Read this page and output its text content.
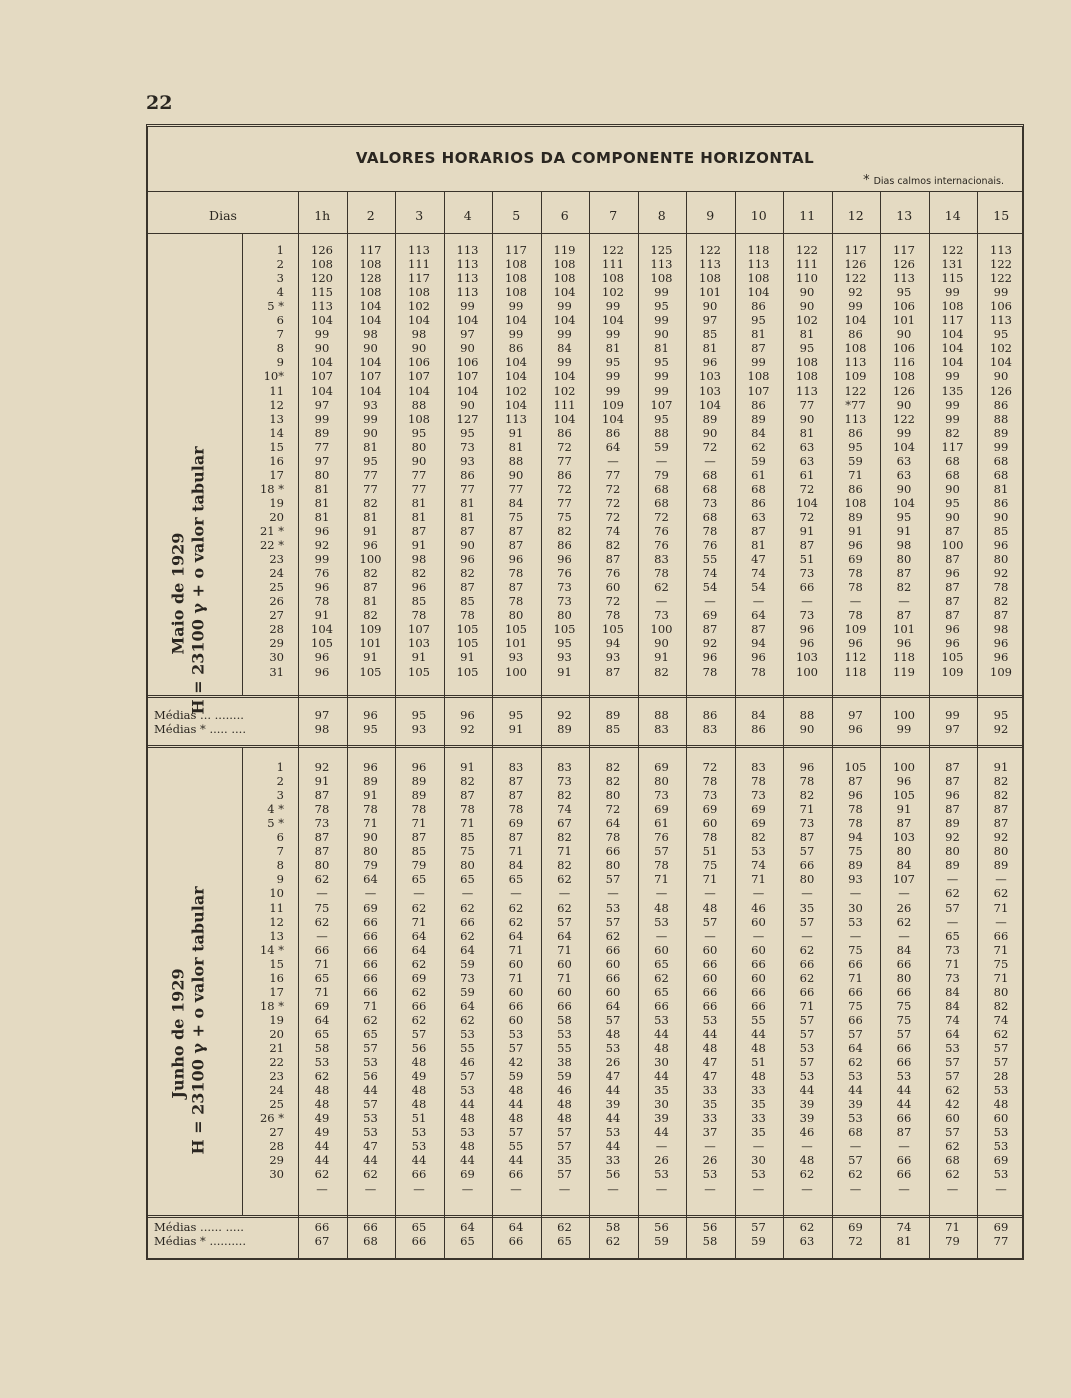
22
VALORES HORARIOS DA COMPONENTE HORIZONTAL
* Dias calmos internacionais.
Dias	1h	2	3	4	5	6	7	8	9	10	11	12	13	14	15
Maio de 1929 H = 23100 γ + o valor tabular
1	126	117	113	113	117	119	122	125	122	118	122	117	117	122	113
2	108	108	111	113	108	108	111	113	113	113	111	126	126	131	122
3	120	128	117	113	108	108	108	108	108	108	110	122	113	115	122
4	115	108	108	113	108	104	102	99	101	104	90	92	95	99	99
5 *	113	104	102	99	99	99	99	95	90	86	90	99	106	108	106
6	104	104	104	104	104	104	104	99	97	95	102	104	101	117	113
7	99	98	98	97	99	99	99	90	85	81	81	86	90	104	95
8	90	90	90	90	86	84	81	81	81	87	95	108	106	104	102
9	104	104	106	106	104	99	95	95	96	99	108	113	116	104	104
10*	107	107	107	107	104	104	99	99	103	108	108	109	108	99	90
11	104	104	104	104	102	102	99	99	103	107	113	122	126	135	126
12	97	93	88	90	104	111	109	107	104	86	77	*77	90	99	86
13	99	99	108	127	113	104	104	95	89	89	90	113	122	99	88
14	89	90	95	95	91	86	86	88	90	84	81	86	99	82	89
15	77	81	80	73	81	72	64	59	72	62	63	95	104	117	99
16	97	95	90	93	88	77	—	—	—	59	63	59	63	68	68
17	80	77	77	86	90	86	77	79	68	61	61	71	63	68	68
18 *	81	77	77	77	77	72	72	68	68	68	72	86	90	90	81
19	81	82	81	81	84	77	72	68	73	86	104	108	104	95	86
20	81	81	81	81	75	75	72	72	68	63	72	89	95	90	90
21 *	96	91	87	87	87	82	74	76	78	87	91	91	91	87	85
22 *	92	96	91	90	87	86	82	76	76	81	87	96	98	100	96
23	99	100	98	96	96	96	87	83	55	47	51	69	80	87	80
24	76	82	82	82	78	76	76	78	74	74	73	78	87	96	92
25	96	87	96	87	87	73	60	62	54	54	66	78	82	87	78
26	78	81	85	85	78	73	72	—	—	—	—	—	—	87	82
27	91	82	78	78	80	80	78	73	69	64	73	78	87	87	87
28	104	109	107	105	105	105	105	100	87	87	96	109	101	96	98
29	105	101	103	105	101	95	94	90	92	94	96	96	96	96	96
30	96	91	91	91	93	93	93	91	96	96	103	112	118	105	96
31	96	105	105	105	100	91	87	82	78	78	100	118	119	109	109
Médias ... ........	97	96	95	96	95	92	89	88	86	84	88	97	100	99	95
Médias * ..... ....	98	95	93	92	91	89	85	83	83	86	90	96	99	97	92
Junho de 1929 H = 23100 γ + o valor tabular
1	92	96	96	91	83	83	82	69	72	83	96	105	100	87	91
2	91	89	89	82	87	73	82	80	78	78	78	87	96	87	82
3	87	91	89	87	87	82	80	73	73	73	82	96	105	96	82
4 *	78	78	78	78	78	74	72	69	69	69	71	78	91	87	87
5 *	73	71	71	71	69	67	64	61	60	69	73	78	87	89	87
6	87	90	87	85	87	82	78	76	78	82	87	94	103	92	92
7	87	80	85	75	71	71	66	57	51	53	57	75	80	80	80
8	80	79	79	80	84	82	80	78	75	74	66	89	84	89	89
9	62	64	65	65	65	62	57	71	71	71	80	93	107	—	—
10	—	—	—	—	—	—	—	—	—	—	—	—	—	62	62
11	75	69	62	62	62	62	53	48	48	46	35	30	26	57	71
12	62	66	71	66	62	57	57	53	57	60	57	53	62	—	—
13	—	66	64	62	64	64	62	—	—	—	—	—	—	65	66
14 *	66	66	64	64	71	71	66	60	60	60	62	75	84	73	71
15	71	66	62	59	60	60	60	65	66	66	66	66	66	71	75
16	65	66	69	73	71	71	66	62	60	60	62	71	80	73	71
17	71	66	62	59	60	60	60	65	66	66	66	66	66	84	80
18 *	69	71	66	64	66	66	64	66	66	66	71	75	75	84	82
19	64	62	62	62	60	58	57	53	53	55	57	66	75	74	74
20	65	65	57	53	53	53	48	44	44	44	57	57	57	64	62
21	58	57	56	55	57	55	53	48	48	48	53	64	66	53	57
22	53	53	48	46	42	38	26	30	47	51	57	62	66	57	57
23	62	56	49	57	59	59	47	44	47	48	53	53	53	57	28
24	48	44	48	53	48	46	44	35	33	33	44	44	44	62	53
25	48	57	48	44	44	48	39	30	35	35	39	39	44	42	48
26 *	49	53	51	48	48	48	44	39	33	33	39	53	66	60	60
27	49	53	53	53	57	57	53	44	37	35	46	68	87	57	53
28	44	47	53	48	55	57	44	—	—	—	—	—	—	62	53
29	44	44	44	44	44	35	33	26	26	30	48	57	66	68	69
30	62	62	66	69	66	57	56	53	53	53	62	62	66	62	53
—	—	—	—	—	—	—	—	—	—	—	—	—	—	—
Médias ...... .....	66	66	65	64	64	62	58	56	56	57	62	69	74	71	69
Médias * ..........	67	68	66	65	66	65	62	59	58	59	63	72	81	79	77
